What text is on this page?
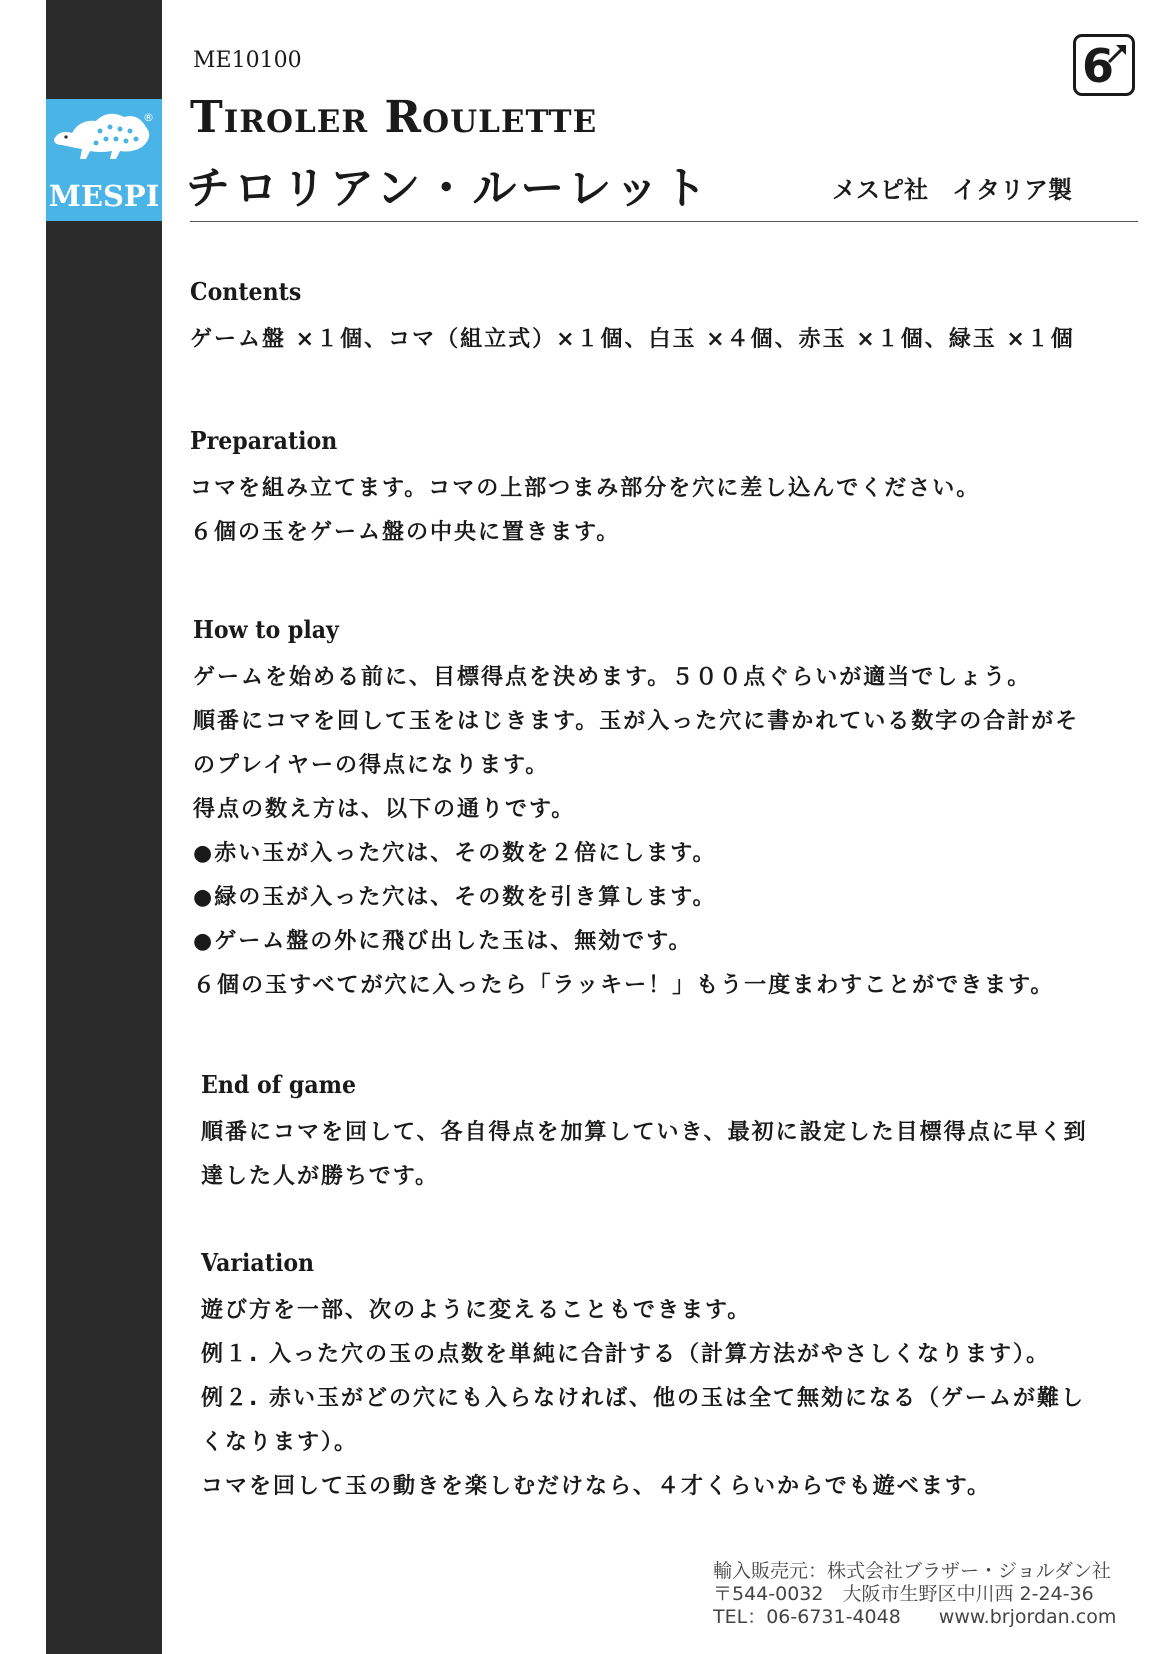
®
MESPI
ME10100
Tiroler Roulette
チロリアン・ルーレット	メスピ社　イタリア製
6
Contents
ゲーム盤 ×１個、コマ（組立式）×１個、白玉 ×４個、赤玉 ×１個、緑玉 ×１個
Preparation
コマを組み立てます。コマの上部つまみ部分を穴に差し込んでください。
６個の玉をゲーム盤の中央に置きます。
How to play
ゲームを始める前に、目標得点を決めます。５００点ぐらいが適当でしょう。
順番にコマを回して玉をはじきます。玉が入った穴に書かれている数字の合計がそ
のプレイヤーの得点になります。
得点の数え方は、以下の通りです。
●赤い玉が入った穴は、その数を２倍にします。
●緑の玉が入った穴は、その数を引き算します。
●ゲーム盤の外に飛び出した玉は、無効です。
６個の玉すべてが穴に入ったら「ラッキー！」もう一度まわすことができます。
End of game
順番にコマを回して、各自得点を加算していき、最初に設定した目標得点に早く到
達した人が勝ちです。
Variation
遊び方を一部、次のように変えることもできます。
例１. 入った穴の玉の点数を単純に合計する（計算方法がやさしくなります）。
例２. 赤い玉がどの穴にも入らなければ、他の玉は全て無効になる（ゲームが難し
くなります）。
コマを回して玉の動きを楽しむだけなら、４才くらいからでも遊べます。
輸入販売元：株式会社ブラザー・ジョルダン社
〒544-0032　大阪市生野区中川西 2-24-36
TEL：06-6731-4048　　www.brjordan.com
